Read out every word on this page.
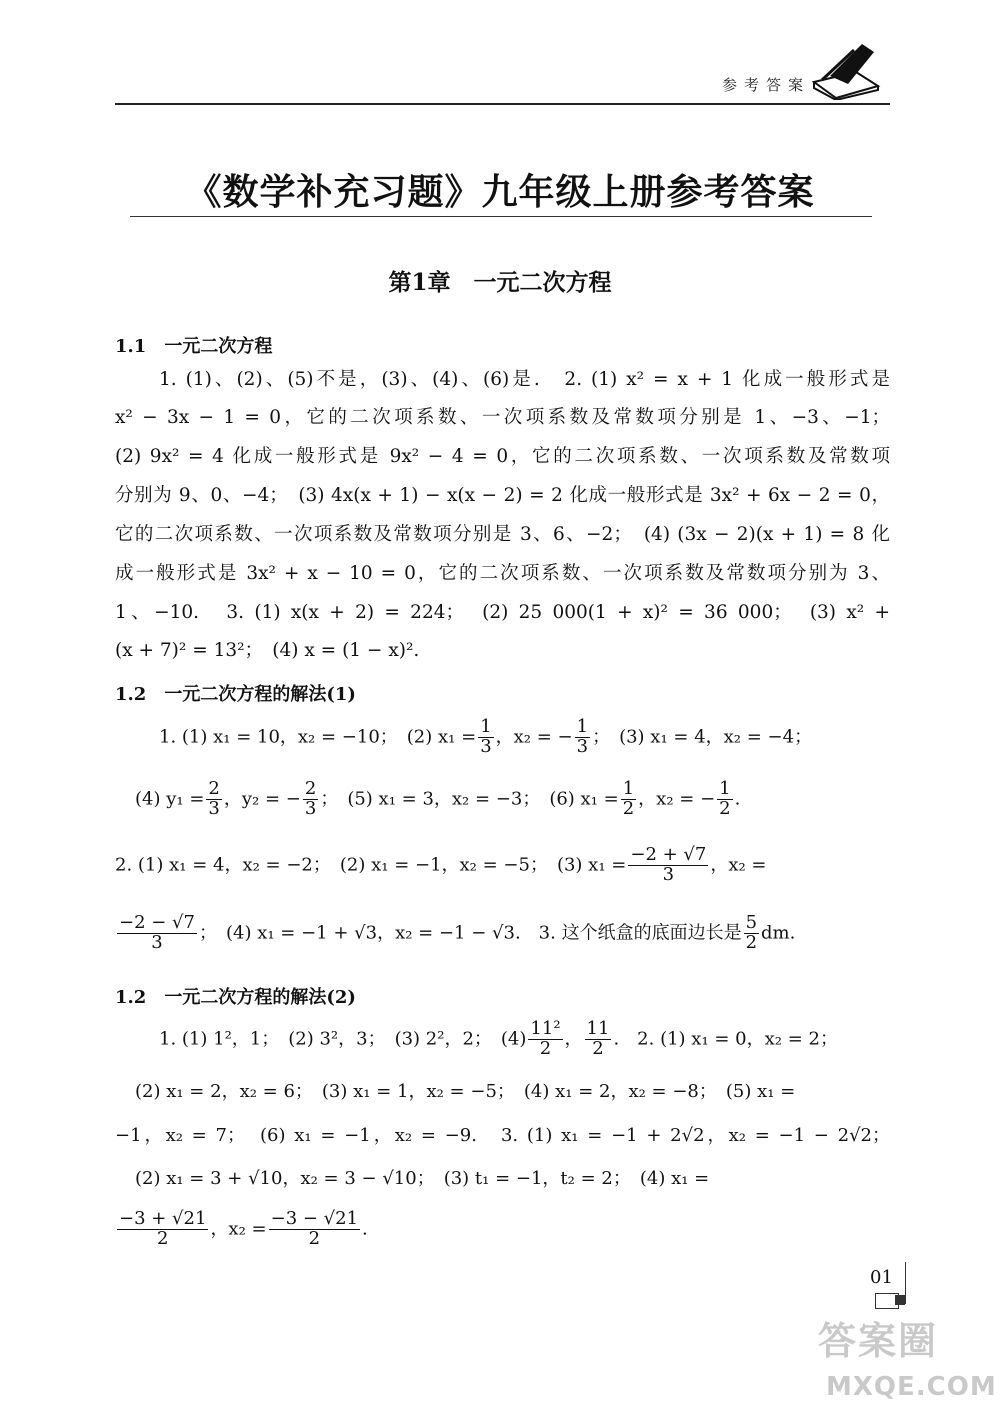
参考答案
《数学补充习题》九年级上册参考答案
第1章　一元二次方程
1.1　一元二次方程
1. (1)、(2)、(5)不是，(3)、(4)、(6)是.　2. (1) x² = x + 1 化成一般形式是
x² − 3x − 1 = 0，它的二次项系数、一次项系数及常数项分别是 1、−3、−1；
(2) 9x² = 4 化成一般形式是 9x² − 4 = 0，它的二次项系数、一次项系数及常数项
分别为 9、0、−4；　(3) 4x(x + 1) − x(x − 2) = 2 化成一般形式是 3x² + 6x − 2 = 0，
它的二次项系数、一次项系数及常数项分别是 3、6、−2；　(4) (3x − 2)(x + 1) = 8 化
成一般形式是 3x² + x − 10 = 0，它的二次项系数、一次项系数及常数项分别为 3、
1、−10.　3. (1) x(x + 2) = 224；　(2) 25 000(1 + x)² = 36 000；　(3) x² +
(x + 7)² = 13²；　(4) x = (1 − x)².
1.2　一元二次方程的解法(1)
1. (1) x₁ = 10，x₂ = −10；　(2) $x_1 = \frac{1}{3}$ ，x₂ = − $\frac{1}{3}$ ；　(3) x₁ = 4，x₂ = −4；
(4) $y_1 = \frac{2}{3}$ ，y₂ = − $\frac{2}{3}$ ；　(5) x₁ = 3，x₂ = −3；　(6) $x_1 = \frac{1}{2}$ ，x₂ = − $\frac{1}{2}$ .
2. (1) x₁ = 4，x₂ = −2；　(2) x₁ = −1，x₂ = −5；　(3) $x_1 = \frac{-2 + √7}{3}$ ，x₂ =
$\frac{-2 - √7}{3}$ ；　(4) x₁ = −1 + √3，x₂ = −1 − √3.　3. 这个纸盒的底面边长是 $\frac{5}{2}$ dm.
1.2　一元二次方程的解法(2)
1. (1) 1²，1；　(2) 3²，3；　(3) 2²，2；　$(4) \frac{\text{11²}}{2}$ ， $\frac{11}{2}$ .　2. (1) x₁ = 0，x₂ = 2；
(2) x₁ = 2，x₂ = 6；　(3) x₁ = 1，x₂ = −5；　(4) x₁ = 2，x₂ = −8；　(5) x₁ =
−1，x₂ = 7；　(6) x₁ = −1，x₂ = −9.　3. (1) x₁ = −1 + 2√2，x₂ = −1 − 2√2；
(2) x₁ = 3 + √10，x₂ = 3 − √10；　(3) t₁ = −1，t₂ = 2；　(4) x₁ =
$\frac{-3 + √21}{2}$ ，$x_2 = \frac{-3 - √21}{2}$ .
01
答案圈
MXQE.COM
